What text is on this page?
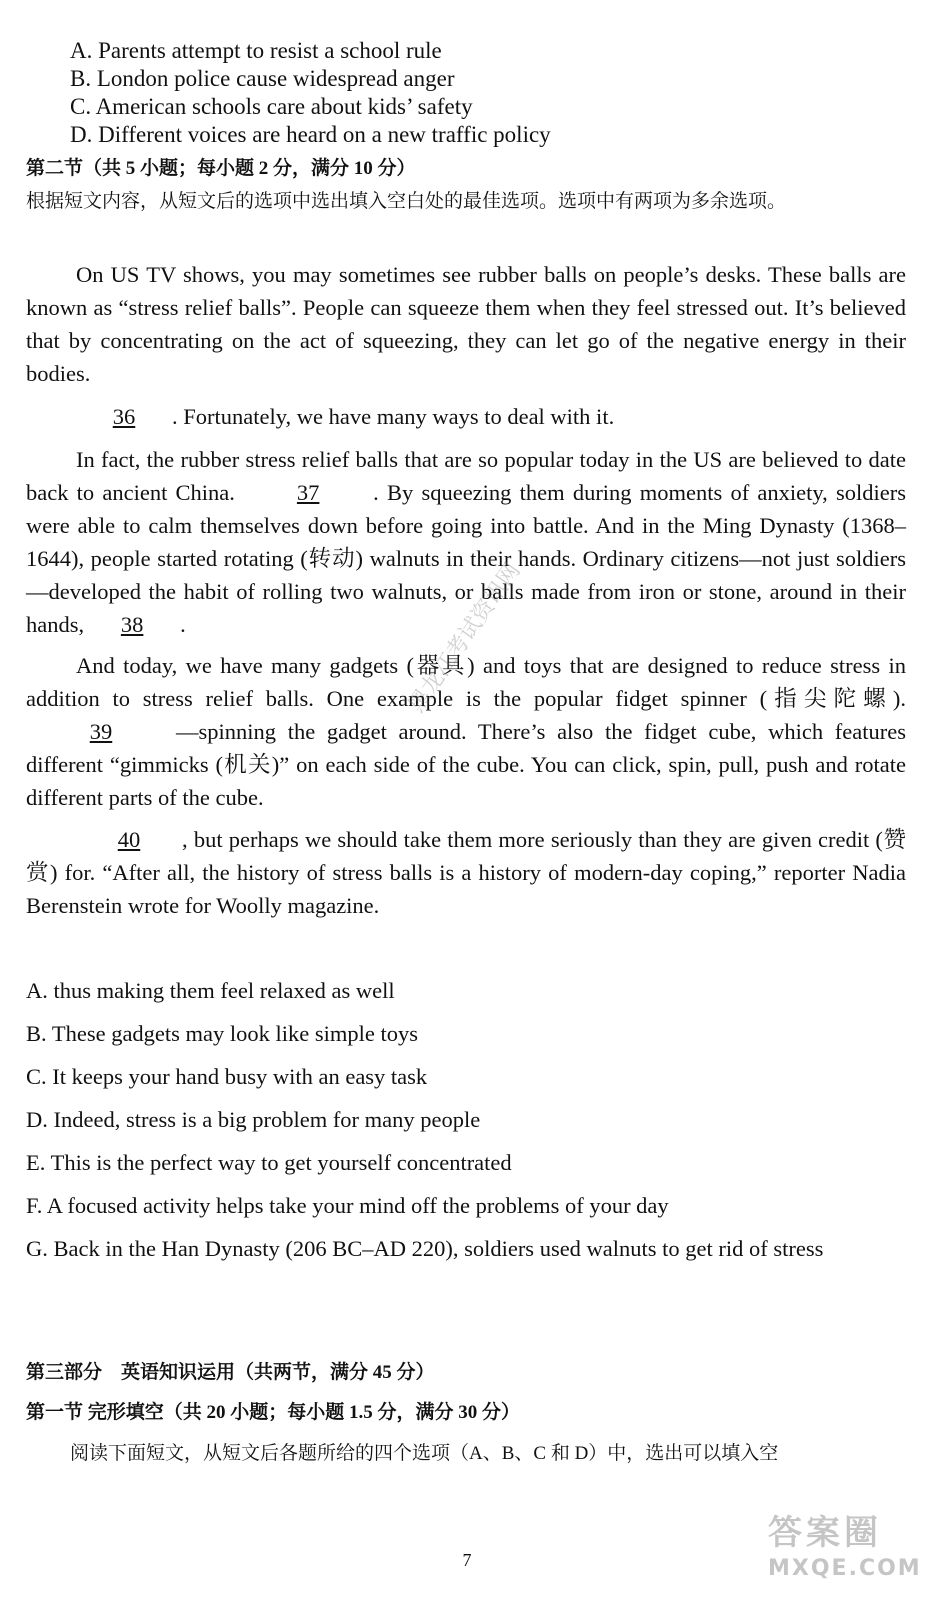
A. Parents attempt to resist a school rule
B. London police cause widespread anger
C. American schools care about kids’ safety
D. Different voices are heard on a new traffic policy
第二节（共 5 小题；每小题 2 分，满分 10 分）
根据短文内容，从短文后的选项中选出填入空白处的最佳选项。选项中有两项为多余选项。

On US TV shows, you may sometimes see rubber balls on people’s desks. These balls are known as “stress relief balls”. People can squeeze them when they feel stressed out. It’s believed that by concentrating on the act of squeezing, they can let go of the negative energy in their bodies.

36 . Fortunately, we have many ways to deal with it.

In fact, the rubber stress relief balls that are so popular today in the US are believed to date back to ancient China.	37 . By squeezing them during moments of anxiety, soldiers were able to calm themselves down before going into battle. And in the Ming Dynasty (1368–1644), people started rotating (转动) walnuts in their hands. Ordinary citizens—not just soldiers—developed the habit of rolling two walnuts, or balls made from iron or stone, around in their hands, 38 .

And today, we have many gadgets (器具) and toys that are designed to reduce stress in addition to stress relief balls. One example is the popular fidget spinner (指尖陀螺). 39	—spinning the gadget around. There’s also the fidget cube, which features different “gimmicks (机关)” on each side of the cube. You can click, spin, pull, push and rotate different parts of the cube.

40 , but perhaps we should take them more seriously than they are given credit (赞赏) for. “After all, the history of stress balls is a history of modern-day coping,” reporter Nadia Berenstein wrote for Woolly magazine.

A. thus making them feel relaxed as well
B. These gadgets may look like simple toys
C. It keeps your hand busy with an easy task
D. Indeed, stress is a big problem for many people
E. This is the perfect way to get yourself concentrated
F. A focused activity helps take your mind off the problems of your day
G. Back in the Han Dynasty (206 BC–AD 220), soldiers used walnuts to get rid of stress
第三部分　英语知识运用（共两节，满分 45 分）
第一节 完形填空（共 20 小题；每小题 1.5 分，满分 30 分）
阅读下面短文，从短文后各题所给的四个选项（A、B、C 和 D）中，选出可以填入空
7
黑龙江考试资讯网
答案圈
MXQE.COM
